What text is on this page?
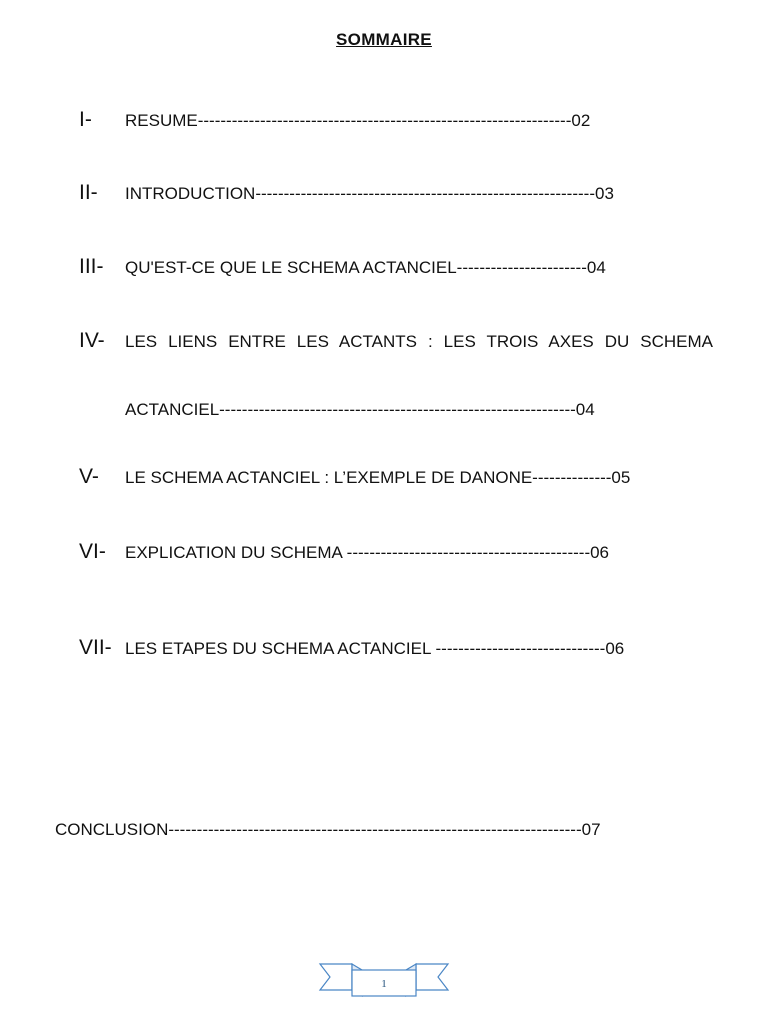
SOMMAIRE
I- RESUME------------------------------------------------------------------02
II- INTRODUCTION------------------------------------------------------------03
III- QU'EST-CE QUE LE SCHEMA ACTANCIEL-----------------------04
IV- LES LIENS ENTRE LES ACTANTS : LES TROIS AXES DU SCHEMA
ACTANCIEL---------------------------------------------------------------04
V- LE SCHEMA ACTANCIEL : L’EXEMPLE DE DANONE--------------05
VI- EXPLICATION DU SCHEMA -------------------------------------------06
VII- LES ETAPES DU SCHEMA ACTANCIEL ------------------------------06
CONCLUSION-------------------------------------------------------------------------07
1
